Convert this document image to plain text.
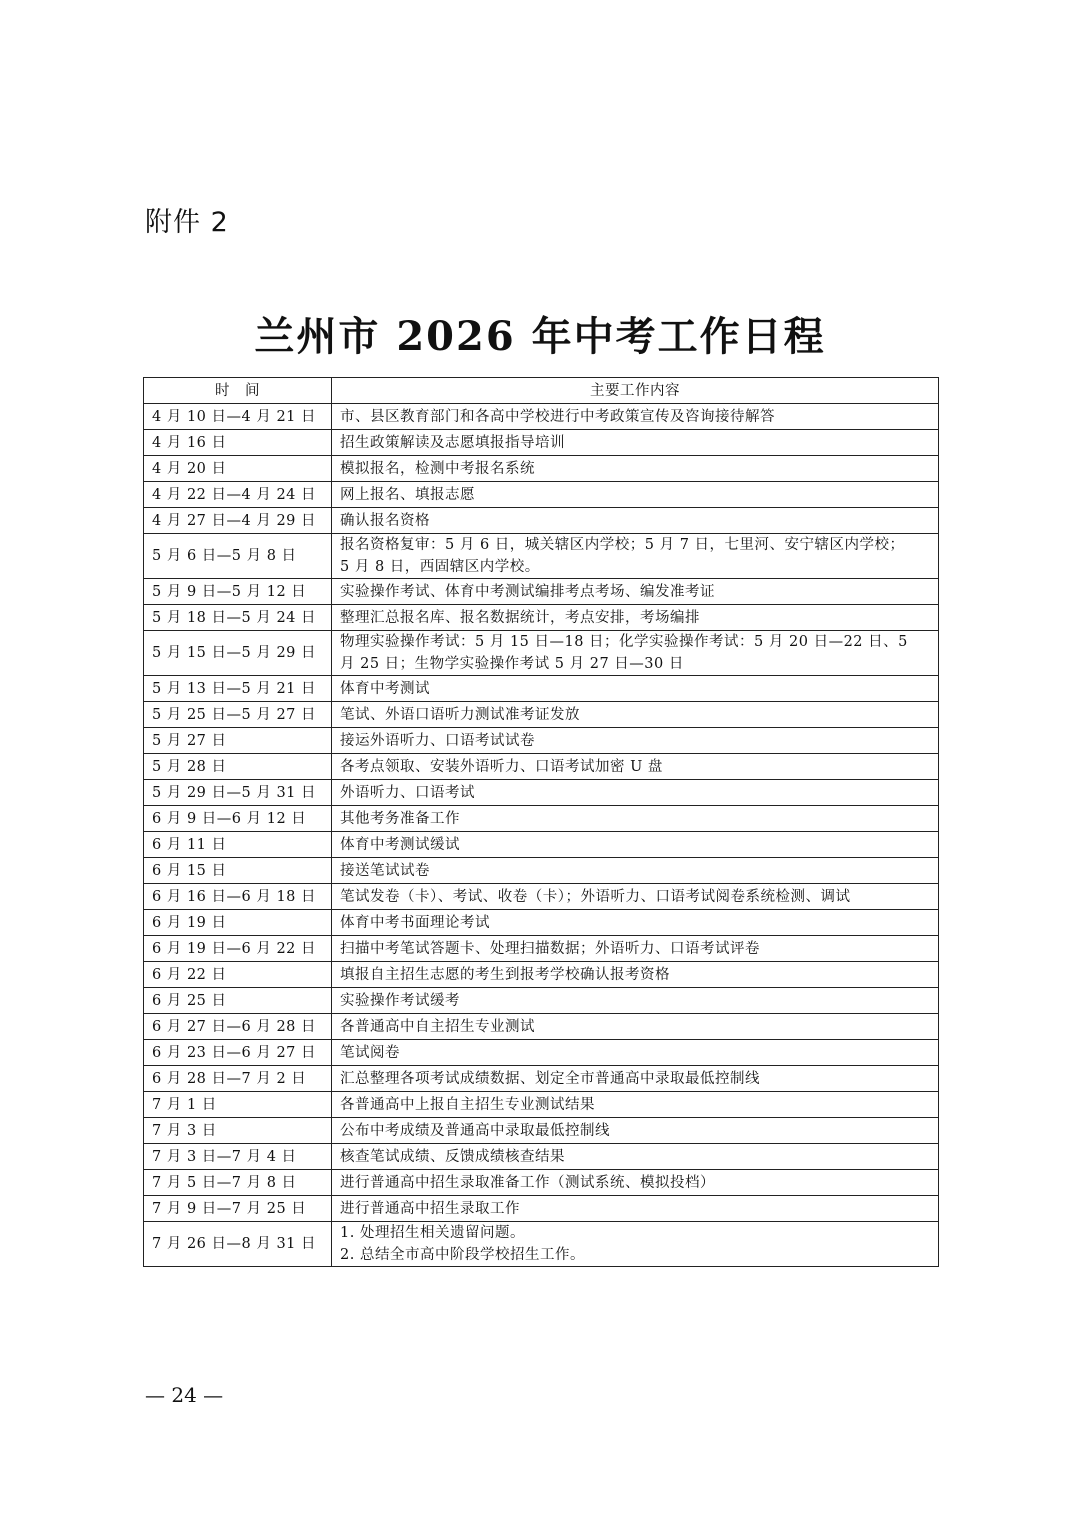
附件 2
兰州市 2026 年中考工作日程
时　间	主要工作内容
4 月 10 日—4 月 21 日	市、县区教育部门和各高中学校进行中考政策宣传及咨询接待解答
4 月 16 日	招生政策解读及志愿填报指导培训
4 月 20 日	模拟报名，检测中考报名系统
4 月 22 日—4 月 24 日	网上报名、填报志愿
4 月 27 日—4 月 29 日	确认报名资格
5 月 6 日—5 月 8 日	报名资格复审：5 月 6 日，城关辖区内学校；5 月 7 日，七里河、安宁辖区内学校；
5 月 8 日，西固辖区内学校。
5 月 9 日—5 月 12 日	实验操作考试、体育中考测试编排考点考场、编发准考证
5 月 18 日—5 月 24 日	整理汇总报名库、报名数据统计，考点安排，考场编排
5 月 15 日—5 月 29 日	物理实验操作考试：5 月 15 日—18 日；化学实验操作考试：5 月 20 日—22 日、5
月 25 日；生物学实验操作考试 5 月 27 日—30 日
5 月 13 日—5 月 21 日	体育中考测试
5 月 25 日—5 月 27 日	笔试、外语口语听力测试准考证发放
5 月 27 日	接运外语听力、口语考试试卷
5 月 28 日	各考点领取、安装外语听力、口语考试加密 U 盘
5 月 29 日—5 月 31 日	外语听力、口语考试
6 月 9 日—6 月 12 日	其他考务准备工作
6 月 11 日	体育中考测试缓试
6 月 15 日	接送笔试试卷
6 月 16 日—6 月 18 日	笔试发卷（卡）、考试、收卷（卡）；外语听力、口语考试阅卷系统检测、调试
6 月 19 日	体育中考书面理论考试
6 月 19 日—6 月 22 日	扫描中考笔试答题卡、处理扫描数据；外语听力、口语考试评卷
6 月 22 日	填报自主招生志愿的考生到报考学校确认报考资格
6 月 25 日	实验操作考试缓考
6 月 27 日—6 月 28 日	各普通高中自主招生专业测试
6 月 23 日—6 月 27 日	笔试阅卷
6 月 28 日—7 月 2 日	汇总整理各项考试成绩数据、划定全市普通高中录取最低控制线
7 月 1 日	各普通高中上报自主招生专业测试结果
7 月 3 日	公布中考成绩及普通高中录取最低控制线
7 月 3 日—7 月 4 日	核查笔试成绩、反馈成绩核查结果
7 月 5 日—7 月 8 日	进行普通高中招生录取准备工作（测试系统、模拟投档）
7 月 9 日—7 月 25 日	进行普通高中招生录取工作
7 月 26 日—8 月 31 日	1. 处理招生相关遗留问题。
2. 总结全市高中阶段学校招生工作。
— 24 —
